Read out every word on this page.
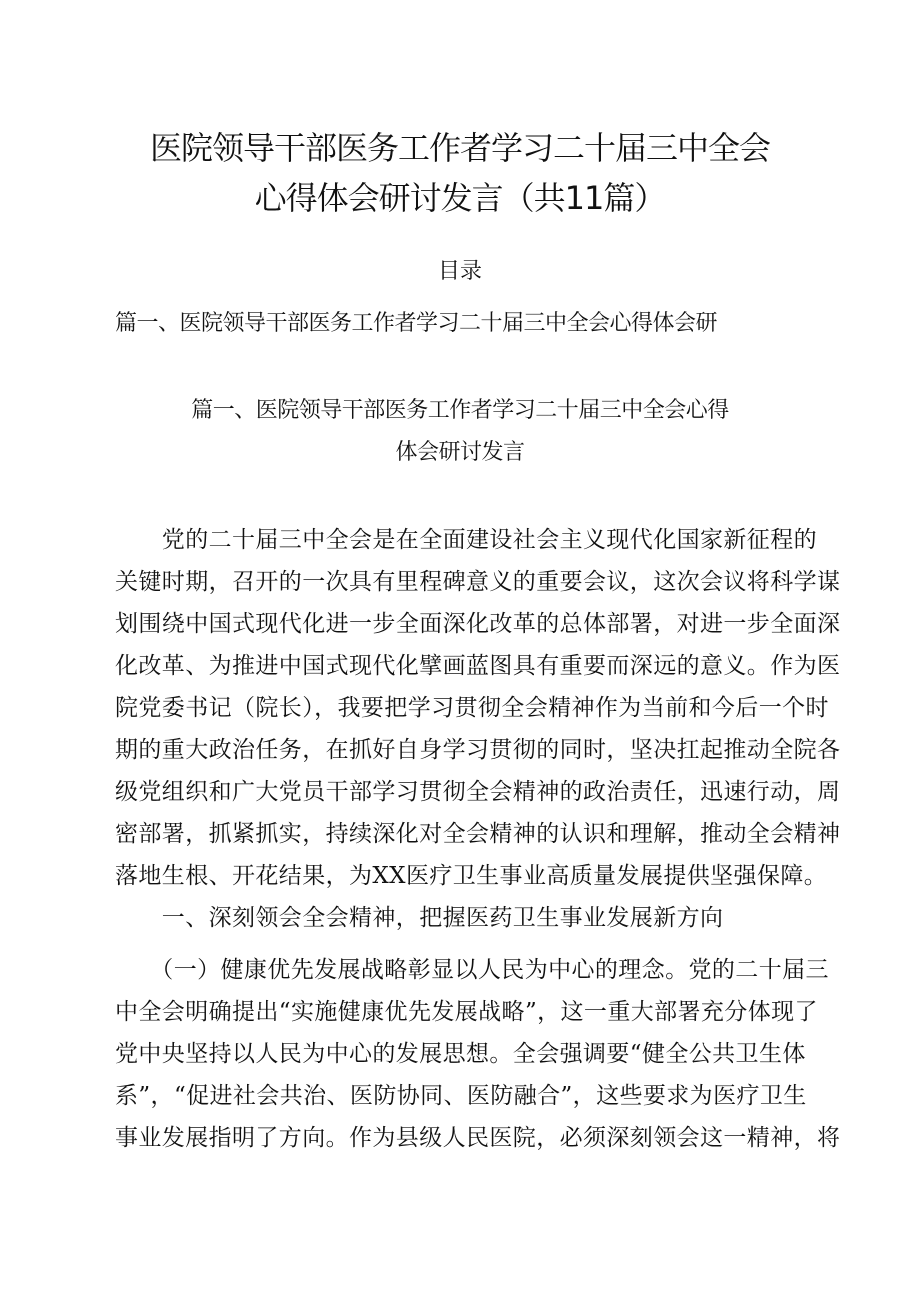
医院领导干部医务工作者学习二十届三中全会
心得体会研讨发言（共11篇）
目录
篇一、医院领导干部医务工作者学习二十届三中全会心得体会研
篇一、医院领导干部医务工作者学习二十届三中全会心得
体会研讨发言
　　党的二十届三中全会是在全面建设社会主义现代化国家新征程的
关键时期，召开的一次具有里程碑意义的重要会议，这次会议将科学谋
划围绕中国式现代化进一步全面深化改革的总体部署，对进一步全面深
化改革、为推进中国式现代化擘画蓝图具有重要而深远的意义。作为医
院党委书记（院长），我要把学习贯彻全会精神作为当前和今后一个时
期的重大政治任务，在抓好自身学习贯彻的同时，坚决扛起推动全院各
级党组织和广大党员干部学习贯彻全会精神的政治责任，迅速行动，周
密部署，抓紧抓实，持续深化对全会精神的认识和理解，推动全会精神
落地生根、开花结果，为XX医疗卫生事业高质量发展提供坚强保障。
　　一、深刻领会全会精神，把握医药卫生事业发展新方向
　　（一）健康优先发展战略彰显以人民为中心的理念。党的二十届三
中全会明确提出“实施健康优先发展战略”，这一重大部署充分体现了
党中央坚持以人民为中心的发展思想。全会强调要“健全公共卫生体
系”，“促进社会共治、医防协同、医防融合”，这些要求为医疗卫生
事业发展指明了方向。作为县级人民医院，必须深刻领会这一精神，将
